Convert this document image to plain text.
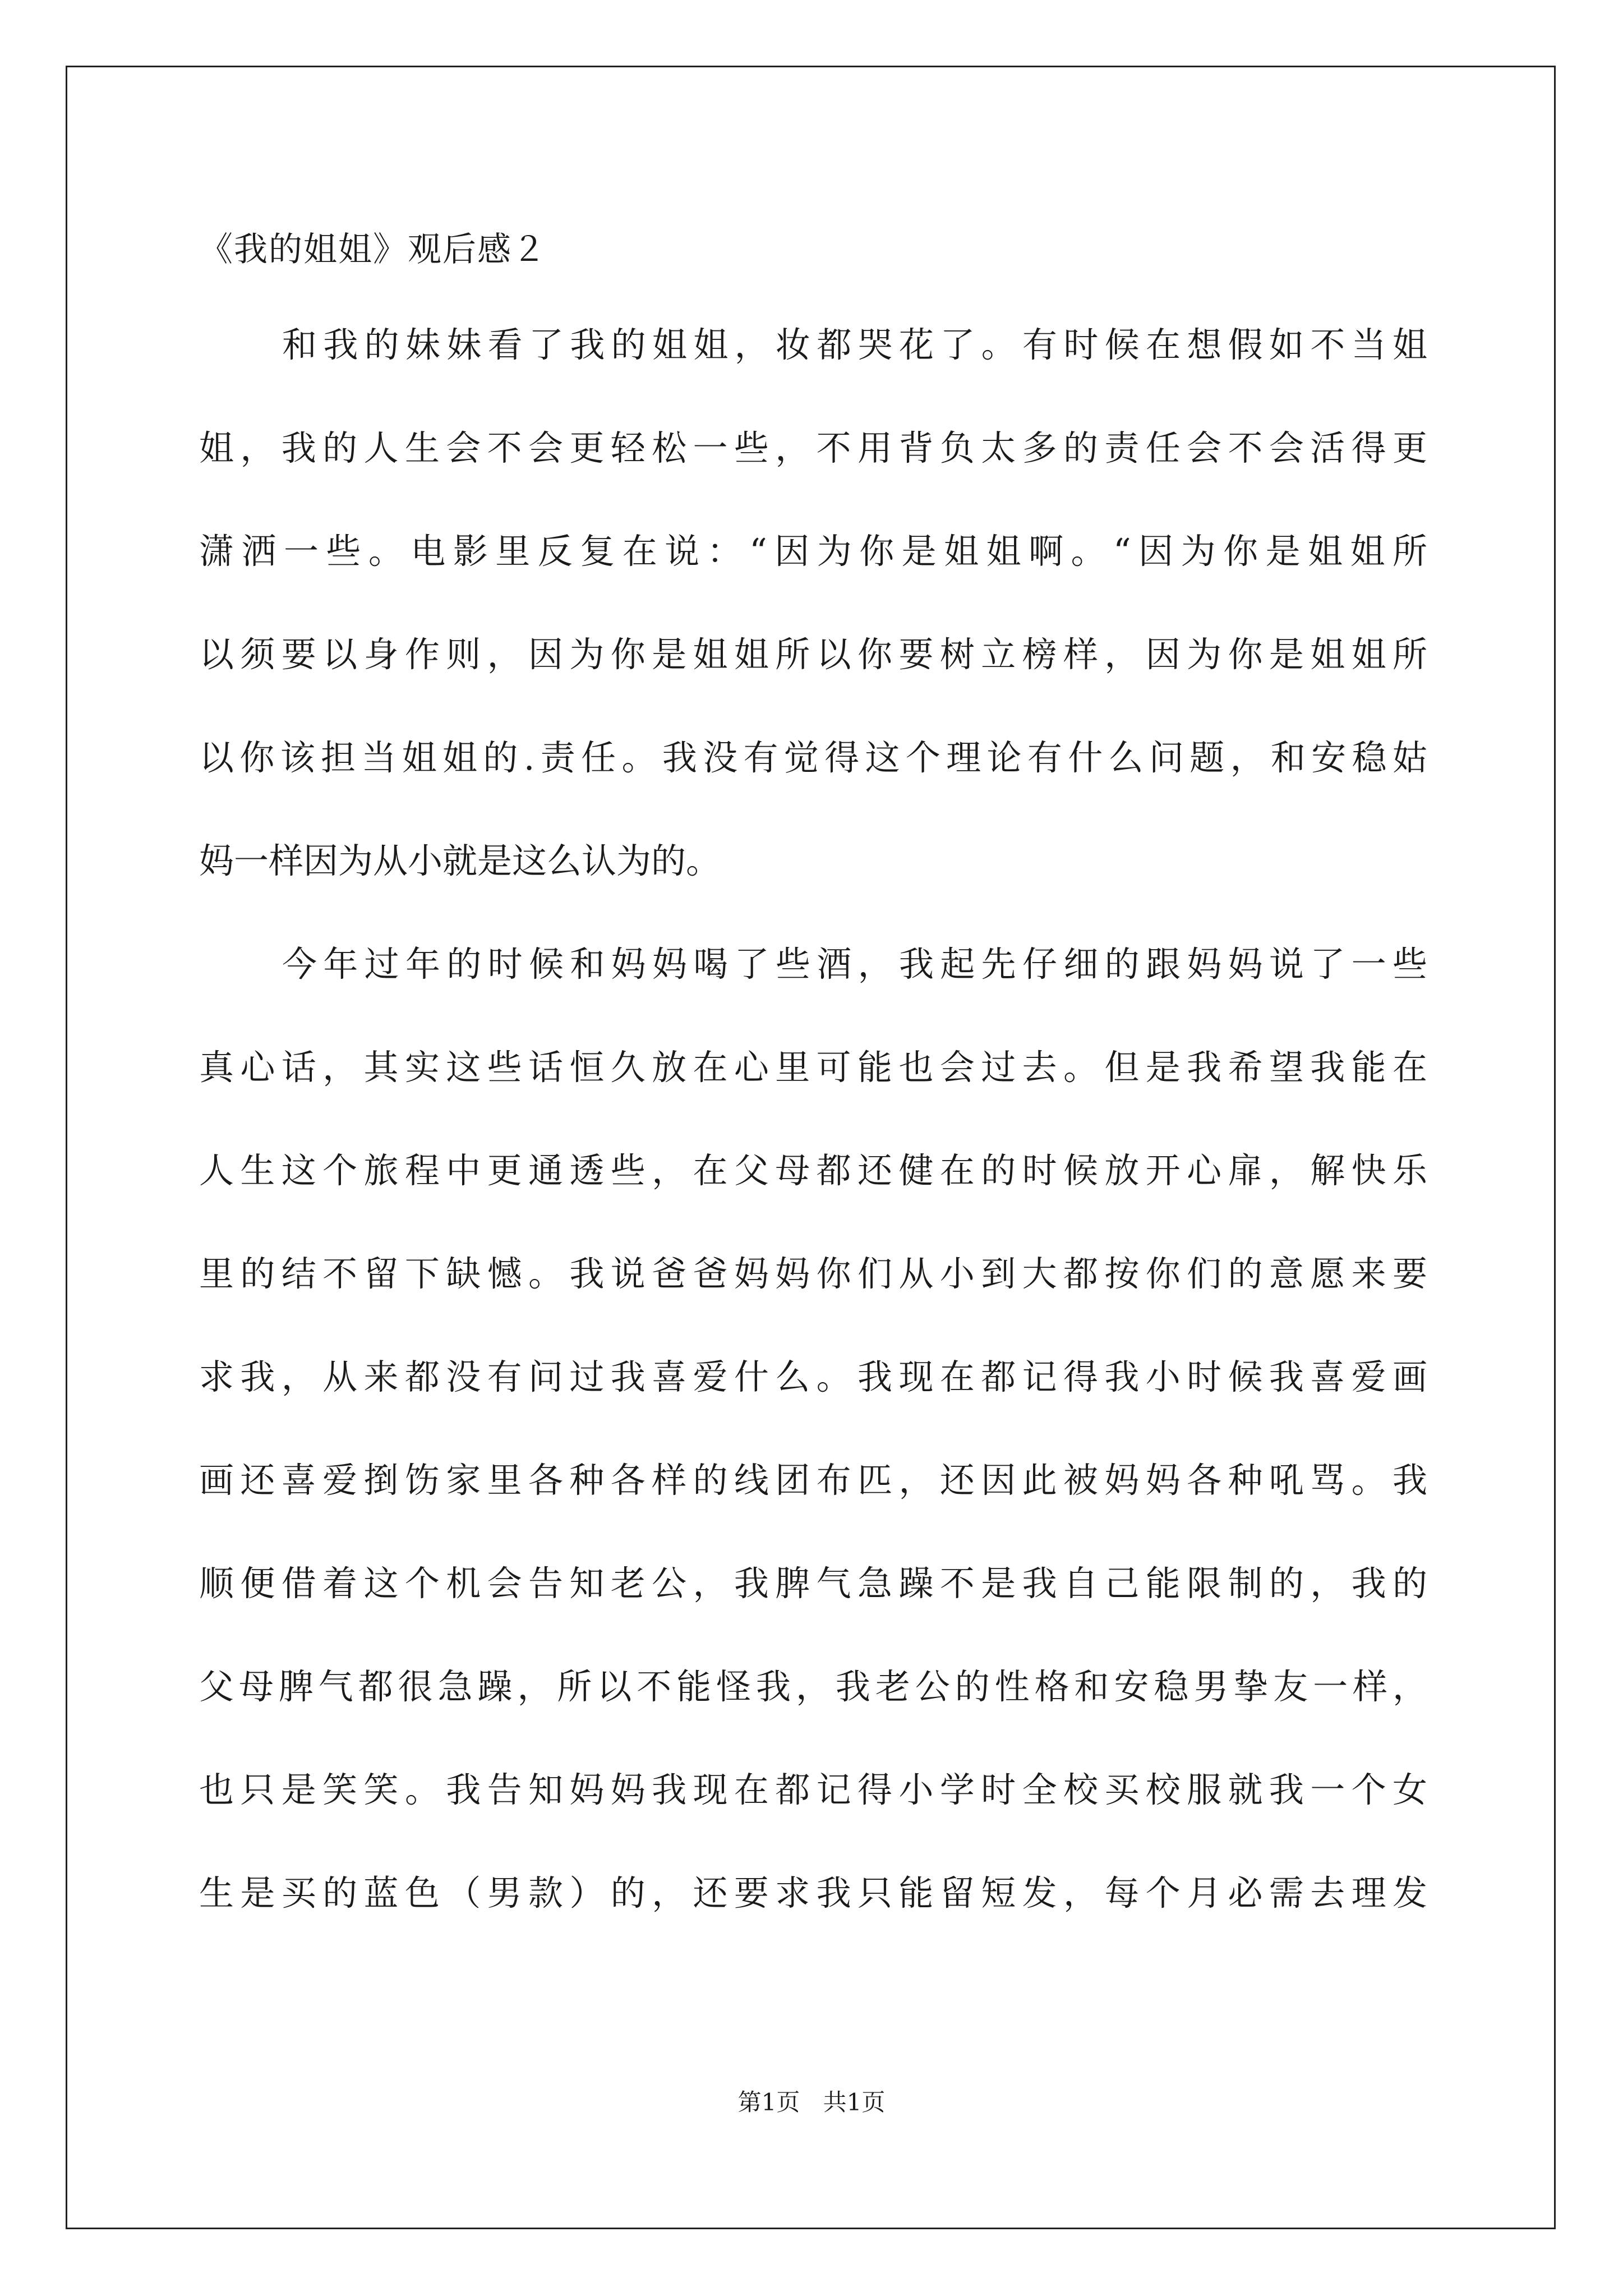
《我的姐姐》观后感２
和我的妹妹看了我的姐姐，妆都哭花了。有时候在想假如不当姐
姐，我的人生会不会更轻松一些，不用背负太多的责任会不会活得更
潇洒一些。电影里反复在说：“因为你是姐姐啊。“因为你是姐姐所
以须要以身作则，因为你是姐姐所以你要树立榜样，因为你是姐姐所
以你该担当姐姐的.责任。我没有觉得这个理论有什么问题，和安稳姑
妈一样因为从小就是这么认为的。
今年过年的时候和妈妈喝了些酒，我起先仔细的跟妈妈说了一些
真心话，其实这些话恒久放在心里可能也会过去。但是我希望我能在
人生这个旅程中更通透些，在父母都还健在的时候放开心扉，解快乐
里的结不留下缺憾。我说爸爸妈妈你们从小到大都按你们的意愿来要
求我，从来都没有问过我喜爱什么。我现在都记得我小时候我喜爱画
画还喜爱捯饬家里各种各样的线团布匹，还因此被妈妈各种吼骂。我
顺便借着这个机会告知老公，我脾气急躁不是我自己能限制的，我的
父母脾气都很急躁，所以不能怪我，我老公的性格和安稳男挚友一样，
也只是笑笑。我告知妈妈我现在都记得小学时全校买校服就我一个女
生是买的蓝色（男款）的，还要求我只能留短发，每个月必需去理发
第1页 共1页
